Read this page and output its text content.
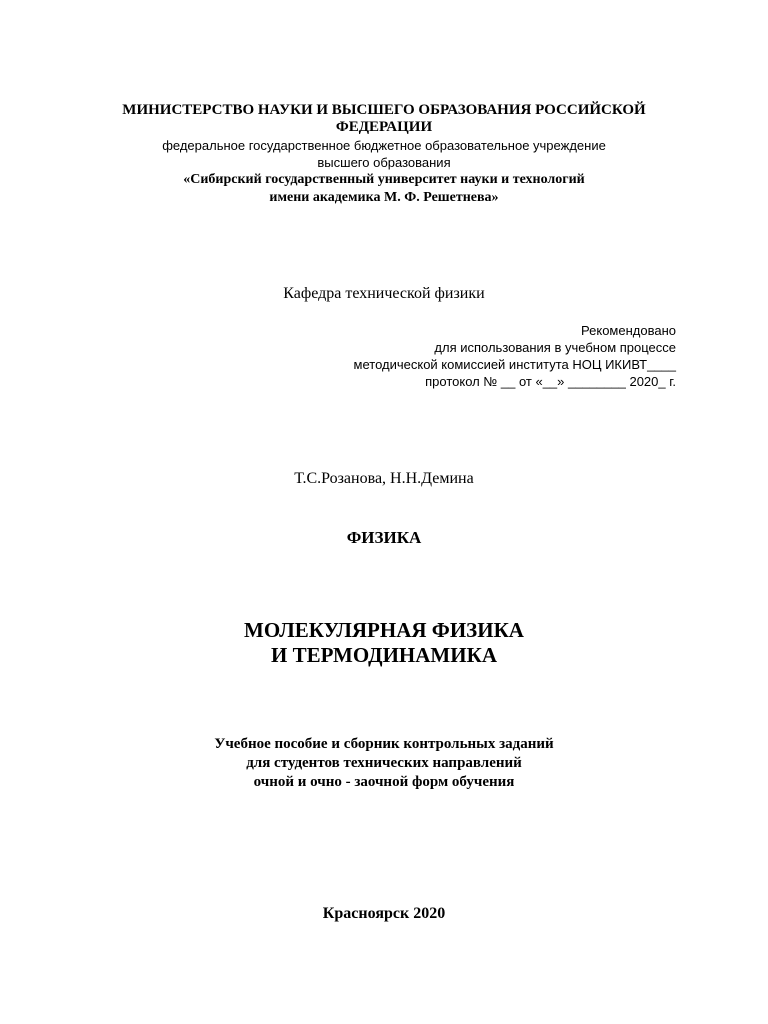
МИНИСТЕРСТВО НАУКИ И ВЫСШЕГО ОБРАЗОВАНИЯ РОССИЙСКОЙ
ФЕДЕРАЦИИ
федеральное государственное бюджетное образовательное учреждение
высшего образования
«Сибирский государственный университет науки и технологий
имени академика М. Ф. Решетнева»
Кафедра технической физики
Рекомендовано
для использования в учебном процессе
методической комиссией института НОЦ ИКИВТ____
протокол № __ от «__» ________ 2020_ г.
Т.С.Розанова, Н.Н.Демина
ФИЗИКА
МОЛЕКУЛЯРНАЯ ФИЗИКА
И ТЕРМОДИНАМИКА
Учебное пособие и сборник контрольных заданий
для студентов технических направлений
очной и очно - заочной форм обучения
Красноярск 2020
